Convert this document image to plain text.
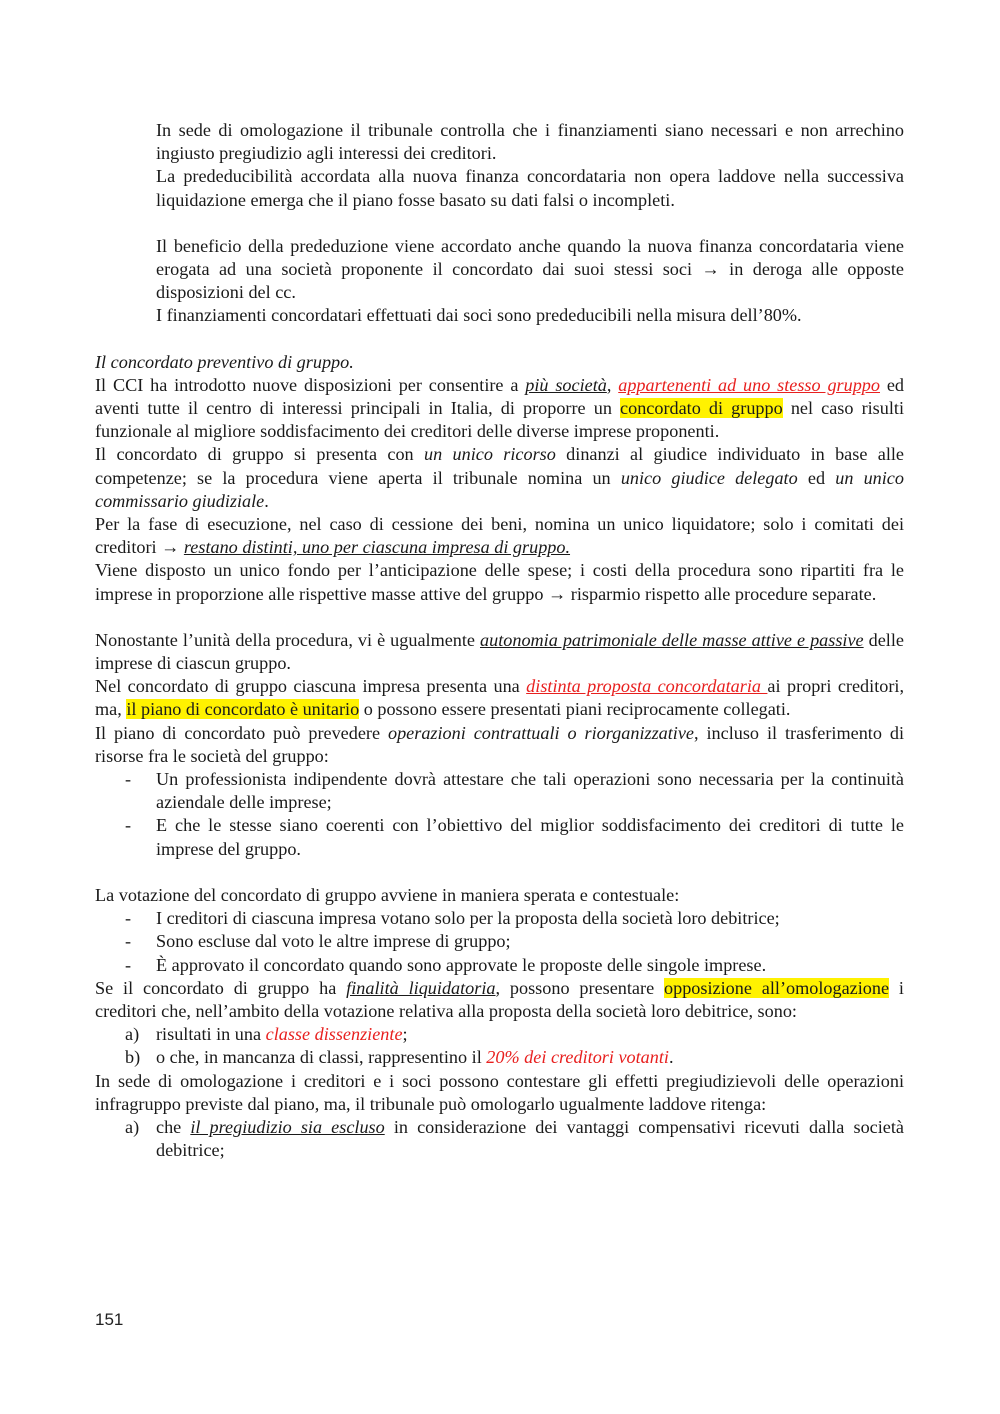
In sede di omologazione il tribunale controlla che i finanziamenti siano necessari e non arrechino ingiusto pregiudizio agli interessi dei creditori.

La prededucibilità accordata alla nuova finanza concordataria non opera laddove nella successiva liquidazione emerga che il piano fosse basato su dati falsi o incompleti.

Il beneficio della prededuzione viene accordato anche quando la nuova finanza concordataria viene erogata ad una società proponente il concordato dai suoi stessi soci → in deroga alle opposte disposizioni del cc.

I finanziamenti concordatari effettuati dai soci sono prededucibili nella misura dell’80%.

Il concordato preventivo di gruppo.

Il CCI ha introdotto nuove disposizioni per consentire a più società, appartenenti ad uno stesso gruppo ed aventi tutte il centro di interessi principali in Italia, di proporre un concordato di gruppo nel caso risulti funzionale al migliore soddisfacimento dei creditori delle diverse imprese proponenti.

Il concordato di gruppo si presenta con un unico ricorso dinanzi al giudice individuato in base alle competenze; se la procedura viene aperta il tribunale nomina un unico giudice delegato ed un unico commissario giudiziale.

Per la fase di esecuzione, nel caso di cessione dei beni, nomina un unico liquidatore; solo i comitati dei creditori → restano distinti, uno per ciascuna impresa di gruppo.

Viene disposto un unico fondo per l’anticipazione delle spese; i costi della procedura sono ripartiti fra le imprese in proporzione alle rispettive masse attive del gruppo → risparmio rispetto alle procedure separate.

Nonostante l’unità della procedura, vi è ugualmente autonomia patrimoniale delle masse attive e passive delle imprese di ciascun gruppo.

Nel concordato di gruppo ciascuna impresa presenta una distinta proposta concordataria ai propri creditori, ma, il piano di concordato è unitario o possono essere presentati piani reciprocamente collegati.

Il piano di concordato può prevedere operazioni contrattuali o riorganizzative, incluso il trasferimento di risorse fra le società del gruppo:

- Un professionista indipendente dovrà attestare che tali operazioni sono necessaria per la continuità aziendale delle imprese;
- E che le stesse siano coerenti con l’obiettivo del miglior soddisfacimento dei creditori di tutte le imprese del gruppo.

La votazione del concordato di gruppo avviene in maniera sperata e contestuale:

- I creditori di ciascuna impresa votano solo per la proposta della società loro debitrice;
- Sono escluse dal voto le altre imprese di gruppo;
- È approvato il concordato quando sono approvate le proposte delle singole imprese.

Se il concordato di gruppo ha finalità liquidatoria, possono presentare opposizione all’omologazione i creditori che, nell’ambito della votazione relativa alla proposta della società loro debitrice, sono:

a) risultati in una classe dissenziente;
b) o che, in mancanza di classi, rappresentino il 20% dei creditori votanti.

In sede di omologazione i creditori e i soci possono contestare gli effetti pregiudizievoli delle operazioni infragruppo previste dal piano, ma, il tribunale può omologarlo ugualmente laddove ritenga:

a) che il pregiudizio sia escluso in considerazione dei vantaggi compensativi ricevuti dalla società debitrice;
151
